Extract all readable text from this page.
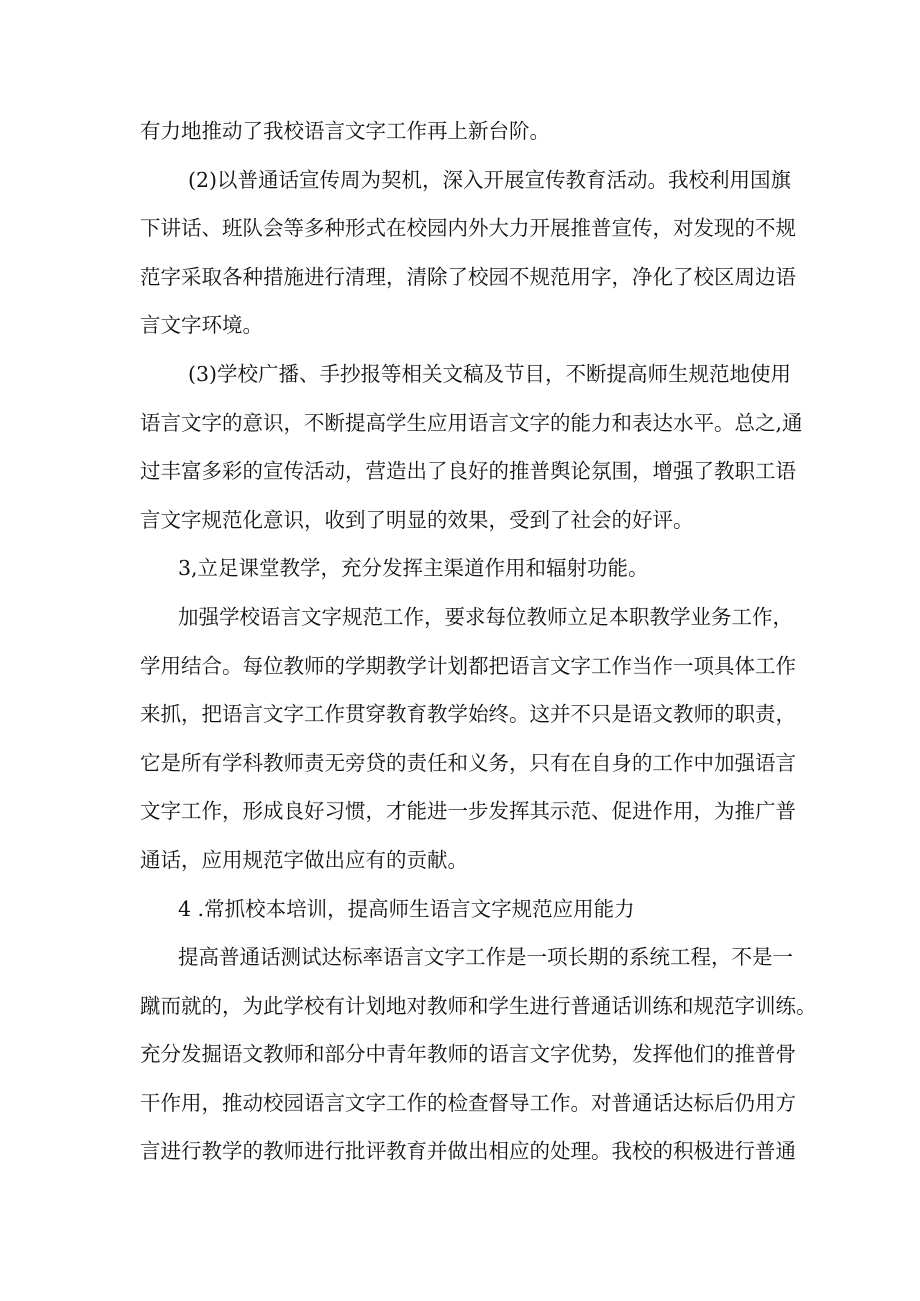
有力地推动了我校语言文字工作再上新台阶。
(2)以普通话宣传周为契机，深入开展宣传教育活动。我校利用国旗
下讲话、班队会等多种形式在校园内外大力开展推普宣传，对发现的不规
范字采取各种措施进行清理，清除了校园不规范用字，净化了校区周边语
言文字环境。
(3)学校广播、手抄报等相关文稿及节目，不断提高师生规范地使用
语言文字的意识，不断提高学生应用语言文字的能力和表达水平。总之,通
过丰富多彩的宣传活动，营造出了良好的推普舆论氛围，增强了教职工语
言文字规范化意识，收到了明显的效果，受到了社会的好评。
3,立足课堂教学，充分发挥主渠道作用和辐射功能。
加强学校语言文字规范工作，要求每位教师立足本职教学业务工作，
学用结合。每位教师的学期教学计划都把语言文字工作当作一项具体工作
来抓，把语言文字工作贯穿教育教学始终。这并不只是语文教师的职责，
它是所有学科教师责无旁贷的责任和义务，只有在自身的工作中加强语言
文字工作，形成良好习惯，才能进一步发挥其示范、促进作用，为推广普
通话，应用规范字做出应有的贡献。
4 .常抓校本培训，提高师生语言文字规范应用能力
提高普通话测试达标率语言文字工作是一项长期的系统工程，不是一
蹴而就的，为此学校有计划地对教师和学生进行普通话训练和规范字训练。
充分发掘语文教师和部分中青年教师的语言文字优势，发挥他们的推普骨
干作用，推动校园语言文字工作的检查督导工作。对普通话达标后仍用方
言进行教学的教师进行批评教育并做出相应的处理。我校的积极进行普通
